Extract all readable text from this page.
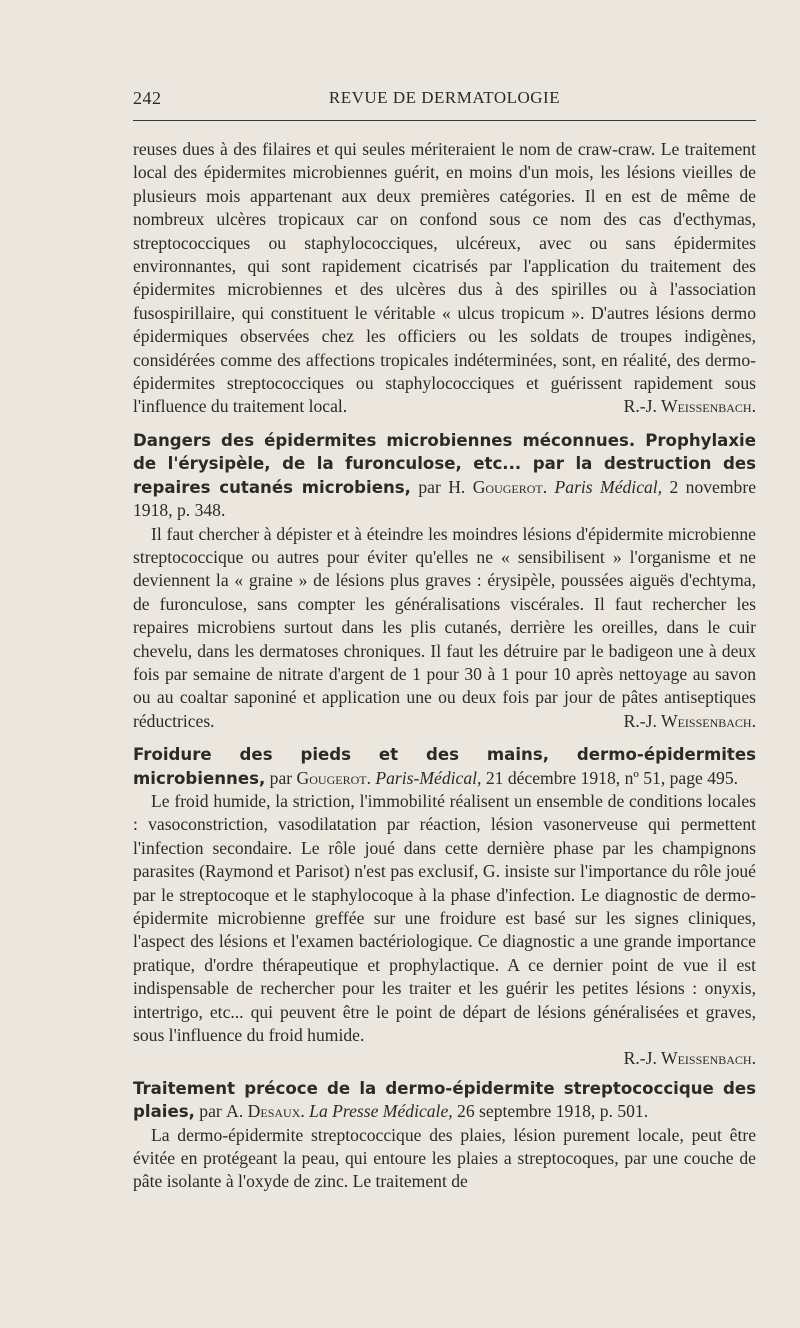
242	REVUE DE DERMATOLOGIE
reuses dues à des filaires et qui seules mériteraient le nom de craw-craw. Le traitement local des épidermites microbiennes guérit, en moins d'un mois, les lésions vieilles de plusieurs mois appartenant aux deux premières catégories. Il en est de même de nombreux ulcères tropicaux car on confond sous ce nom des cas d'ecthymas, streptococciques ou staphylococciques, ulcéreux, avec ou sans épidermites environnantes, qui sont rapidement cicatrisés par l'application du traitement des épidermites microbiennes et des ulcères dus à des spirilles ou à l'association fusospirillaire, qui constituent le véritable « ulcus tropicum ». D'autres lésions dermo épidermiques observées chez les officiers ou les soldats de troupes indigènes, considérées comme des affections tropicales indéterminées, sont, en réalité, des dermo-épidermites streptococciques ou staphylococciques et guérissent rapidement sous l'influence du traitement local.	R.-J. Weissenbach.

Dangers des épidermites microbiennes méconnues. Prophylaxie de l'érysipèle, de la furonculose, etc... par la destruction des repaires cutanés microbiens, par H. Gougerot. Paris Médical, 2 novembre 1918, p. 348.

Il faut chercher à dépister et à éteindre les moindres lésions d'épidermite microbienne streptococcique ou autres pour éviter qu'elles ne « sensibilisent » l'organisme et ne deviennent la « graine » de lésions plus graves : érysipèle, poussées aiguës d'echtyma, de furonculose, sans compter les généralisations viscérales. Il faut rechercher les repaires microbiens surtout dans les plis cutanés, derrière les oreilles, dans le cuir chevelu, dans les dermatoses chroniques. Il faut les détruire par le badigeon une à deux fois par semaine de nitrate d'argent de 1 pour 30 à 1 pour 10 après nettoyage au savon ou au coaltar saponiné et application une ou deux fois par jour de pâtes antiseptiques réductrices.	R.-J. Weissenbach.

Froidure des pieds et des mains, dermo-épidermites microbiennes, par Gougerot. Paris-Médical, 21 décembre 1918, nº 51, page 495.

Le froid humide, la striction, l'immobilité réalisent un ensemble de conditions locales : vasoconstriction, vasodilatation par réaction, lésion vasonerveuse qui permettent l'infection secondaire. Le rôle joué dans cette dernière phase par les champignons parasites (Raymond et Parisot) n'est pas exclusif, G. insiste sur l'importance du rôle joué par le streptocoque et le staphylocoque à la phase d'infection. Le diagnostic de dermo-épidermite microbienne greffée sur une froidure est basé sur les signes cliniques, l'aspect des lésions et l'examen bactériologique. Ce diagnostic a une grande importance pratique, d'ordre thérapeutique et prophylactique. A ce dernier point de vue il est indispensable de rechercher pour les traiter et les guérir les petites lésions : onyxis, intertrigo, etc... qui peuvent être le point de départ de lésions généralisées et graves, sous l'influence du froid humide.

R.-J. Weissenbach.

Traitement précoce de la dermo-épidermite streptococcique des plaies, par A. Desaux. La Presse Médicale, 26 septembre 1918, p. 501.

La dermo-épidermite streptococcique des plaies, lésion purement locale, peut être évitée en protégeant la peau, qui entoure les plaies a streptocoques, par une couche de pâte isolante à l'oxyde de zinc. Le traitement de
